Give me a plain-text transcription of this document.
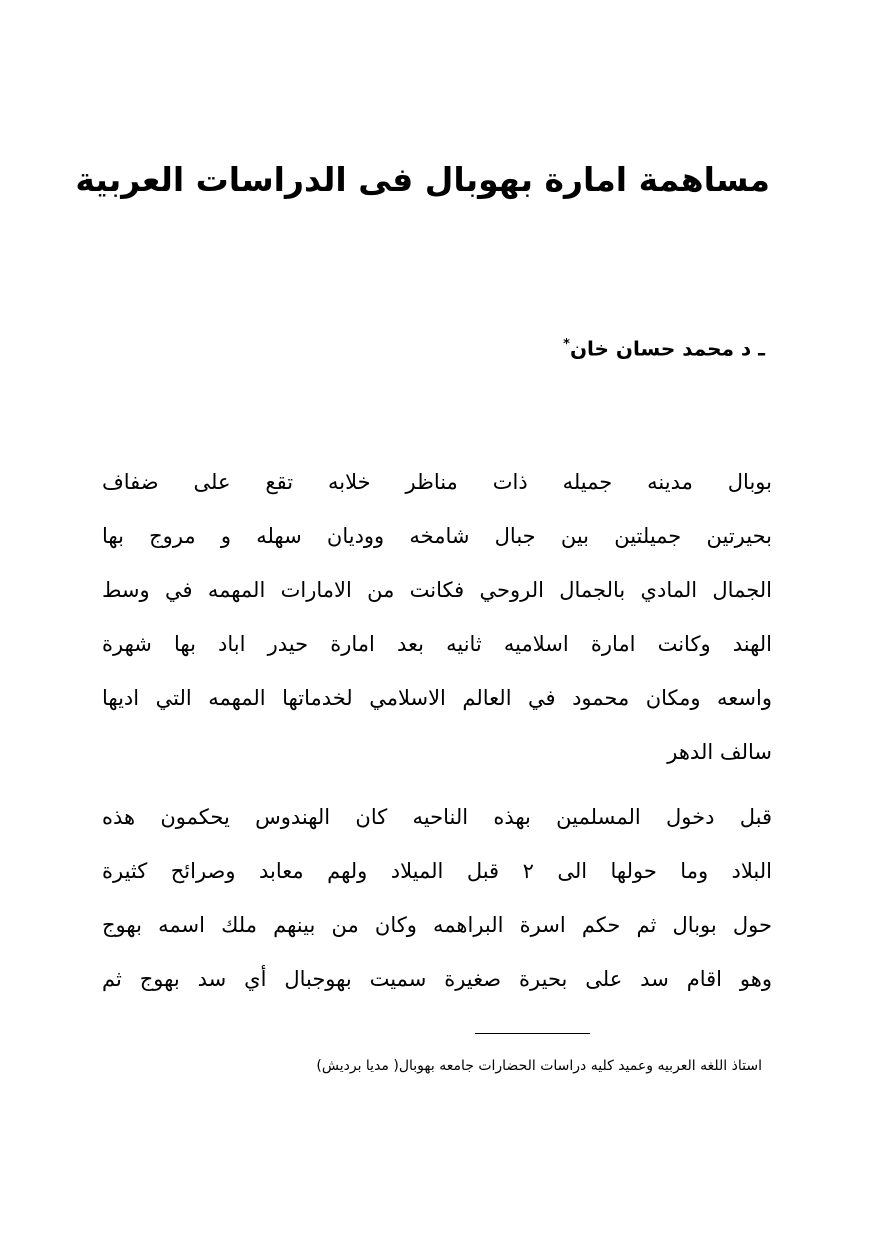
مساهمة امارة بهوبال فى الدراسات العربية
ـ د محمد حسان خان*
بوبال مدينه جميله ذات مناظر خلابه تقع على ضفاف
بحيرتين جميلتين بين جبال شامخه ووديان سهله و مروج بها
الجمال المادي بالجمال الروحي فكانت من الامارات المهمه في وسط
الهند وكانت امارة اسلاميه ثانيه بعد امارة حيدر اباد بها شهرة
واسعه ومكان محمود في العالم الاسلامي لخدماتها المهمه التي اديها
سالف الدهر
قبل دخول المسلمين بهذه الناحيه كان الهندوس يحكمون هذه
البلاد وما حولها الى ٢ قبل الميلاد ولهم معابد وصرائح كثيرة
حول بوبال ثم حكم اسرة البراهمه وكان من بينهم ملك اسمه بهوج
وهو اقام سد على بحيرة صغيرة سميت بهوجبال أي سد بهوج ثم
استاذ اللغه العربيه وعميد كليه دراسات الحضارات جامعه بهوبال( مديا برديش)
